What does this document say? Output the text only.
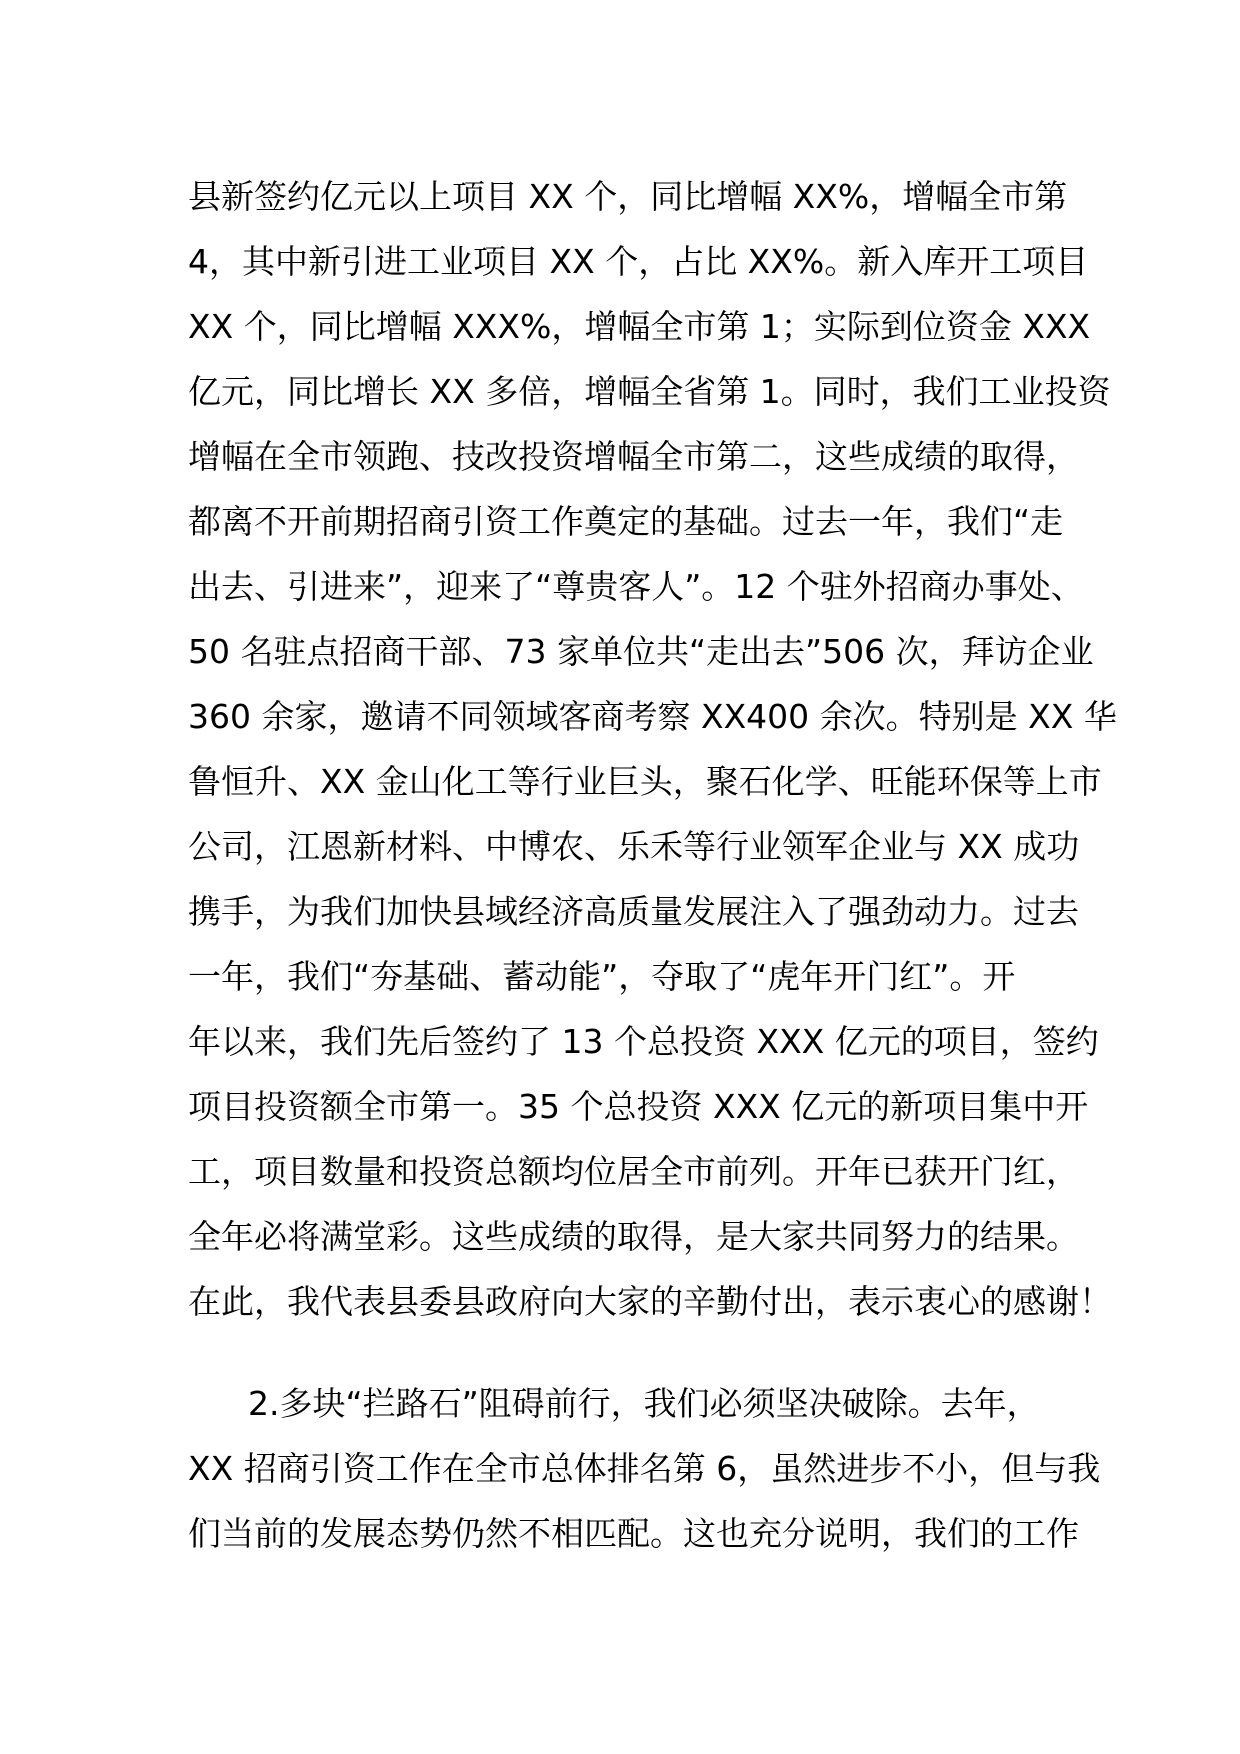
县新签约亿元以上项目 XX 个，同比增幅 XX%，增幅全市第
4，其中新引进工业项目 XX 个，占比 XX%。新入库开工项目
XX 个，同比增幅 XXX%，增幅全市第 1；实际到位资金 XXX
亿元，同比增长 XX 多倍，增幅全省第 1。同时，我们工业投资
增幅在全市领跑、技改投资增幅全市第二，这些成绩的取得，
都离不开前期招商引资工作奠定的基础。过去一年，我们“走
出去、引进来”，迎来了“尊贵客人”。12 个驻外招商办事处、
50 名驻点招商干部、73 家单位共“走出去”506 次，拜访企业
360 余家，邀请不同领域客商考察 XX400 余次。特别是 XX 华
鲁恒升、XX 金山化工等行业巨头，聚石化学、旺能环保等上市
公司，江恩新材料、中博农、乐禾等行业领军企业与 XX 成功
携手，为我们加快县域经济高质量发展注入了强劲动力。过去
一年，我们“夯基础、蓄动能”，夺取了“虎年开门红”。开
年以来，我们先后签约了 13 个总投资 XXX 亿元的项目，签约
项目投资额全市第一。35 个总投资 XXX 亿元的新项目集中开
工，项目数量和投资总额均位居全市前列。开年已获开门红，
全年必将满堂彩。这些成绩的取得，是大家共同努力的结果。
在此，我代表县委县政府向大家的辛勤付出，表示衷心的感谢！
2.多块“拦路石”阻碍前行，我们必须坚决破除。去年，
XX 招商引资工作在全市总体排名第 6，虽然进步不小，但与我
们当前的发展态势仍然不相匹配。这也充分说明，我们的工作
